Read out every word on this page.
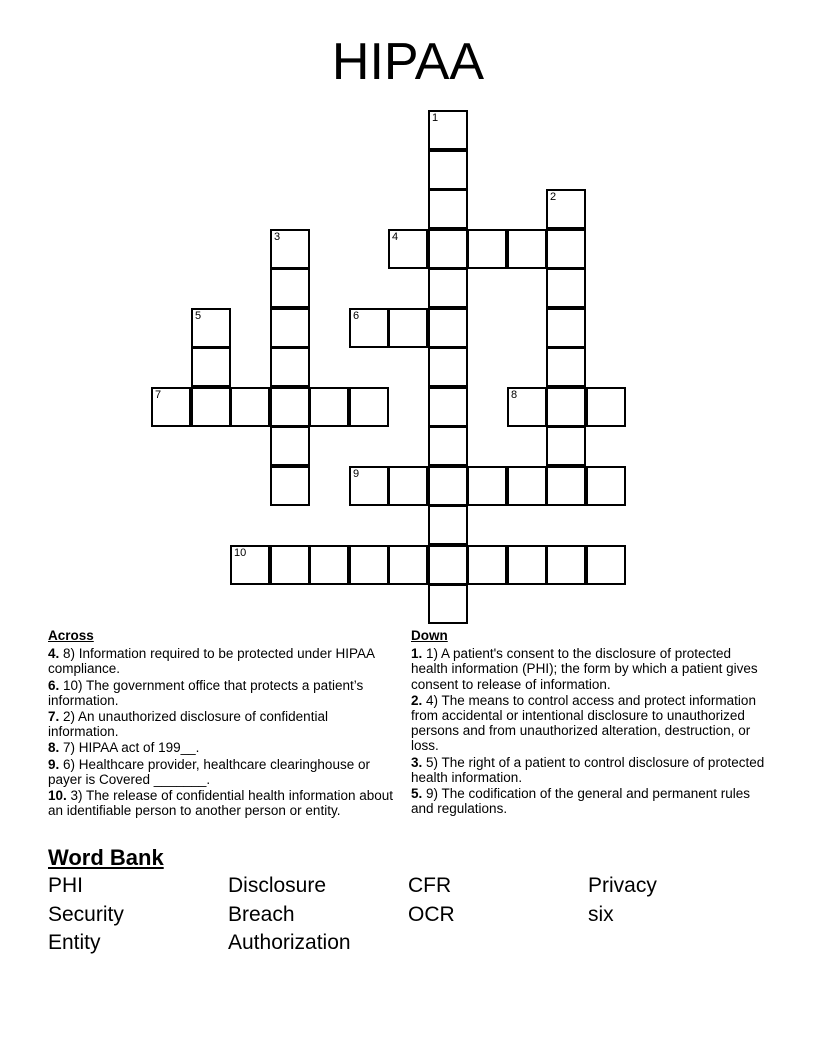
HIPAA
1
2
3	4
5	6
7	8
9
10
Across
4. 8) Information required to be protected under HIPAA compliance.
6. 10) The government office that protects a patient’s information.
7. 2) An unauthorized disclosure of confidential information.
8. 7) HIPAA act of 199__.
9. 6) Healthcare provider, healthcare clearinghouse or payer is Covered _______.
10. 3) The release of confidential health information about an identifiable person to another person or entity.
Down
1. 1) A patient's consent to the disclosure of protected health information (PHI); the form by which a patient gives consent to release of information.
2. 4) The means to control access and protect information from accidental or intentional disclosure to unauthorized persons and from unauthorized alteration, destruction, or loss.
3. 5) The right of a patient to control disclosure of protected health information.
5. 9) The codification of the general and permanent rules and regulations.
Word Bank
PHI	Disclosure	CFR	Privacy
Security	Breach	OCR	six
Entity	Authorization
